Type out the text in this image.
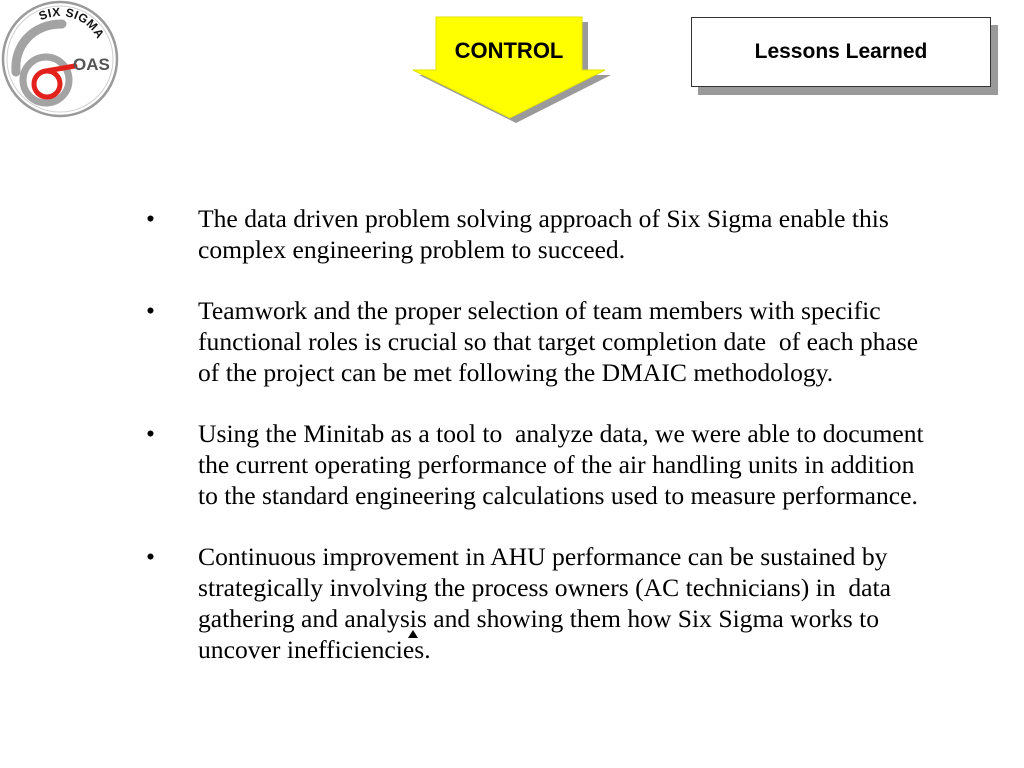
SIX SIGMA
OAS
CONTROL	Lessons Learned
• The data driven problem solving approach of Six Sigma enable this
complex engineering problem to succeed.
• Teamwork and the proper selection of team members with specific
functional roles is crucial so that target completion date  of each phase
of the project can be met following the DMAIC methodology.
• Using the Minitab as a tool to  analyze data, we were able to document
the current operating performance of the air handling units in addition
to the standard engineering calculations used to measure performance.
• Continuous improvement in AHU performance can be sustained by
strategically involving the process owners (AC technicians) in  data
gathering and analysis and showing them how Six Sigma works to
uncover inefficiencies.
